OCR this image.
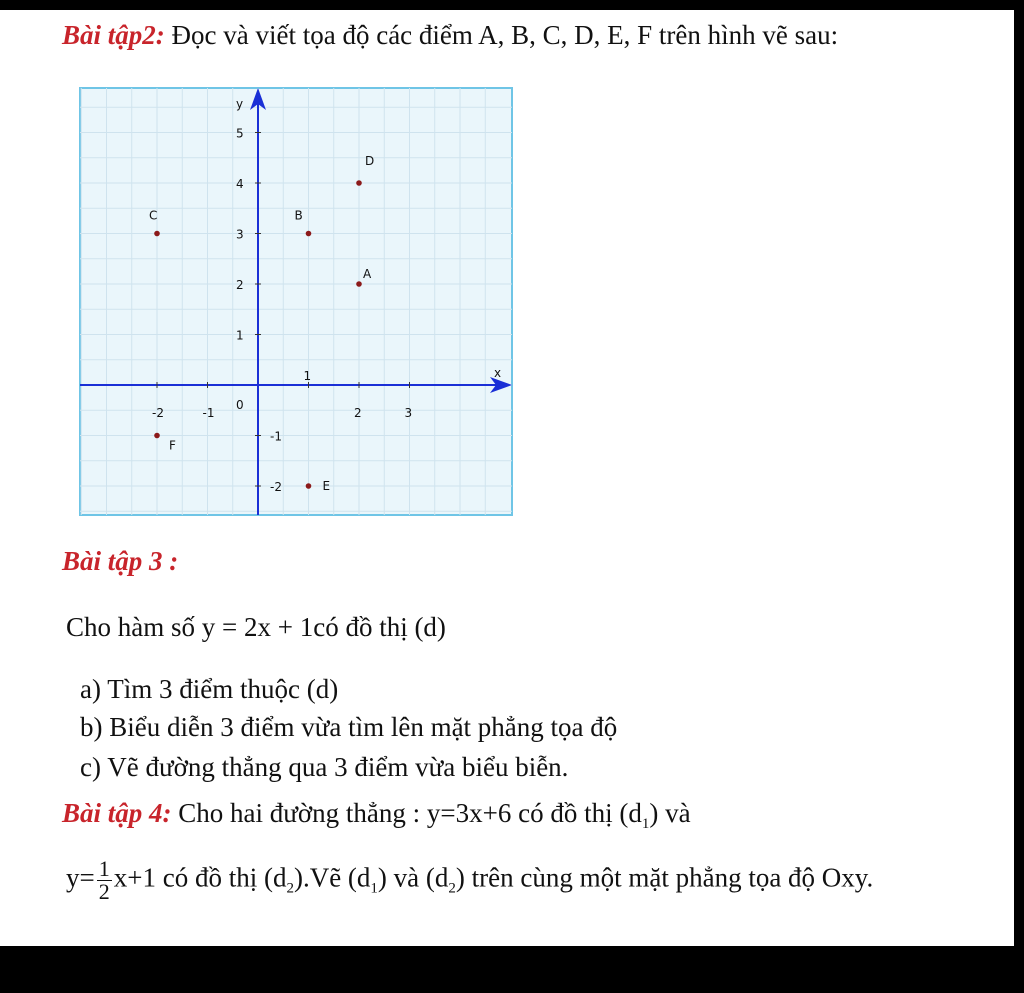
Bài tập2: Đọc và viết tọa độ các điểm A, B, C, D, E, F trên hình vẽ sau:
x
y
0
-2	-1
1
2	3
5
4
3
2
1
-1
-2
A
B
C
D
E
F
Bài tập 3 :
Cho hàm số y = 2x + 1có đồ thị (d)
a) Tìm 3 điểm thuộc (d)
b) Biểu diễn 3 điểm vừa tìm lên mặt phẳng tọa độ
c) Vẽ đường thẳng qua 3 điểm vừa biểu biễn.
Bài tập 4: Cho hai đường thẳng : y=3x+6 có đồ thị $(d_1)$ và
$y= \frac{1}{2} x+1$ có đồ thị $(d_2).Vẽ$ $(d_1)$ và $(d_2)$ trên cùng một mặt phẳng tọa độ Oxy.
